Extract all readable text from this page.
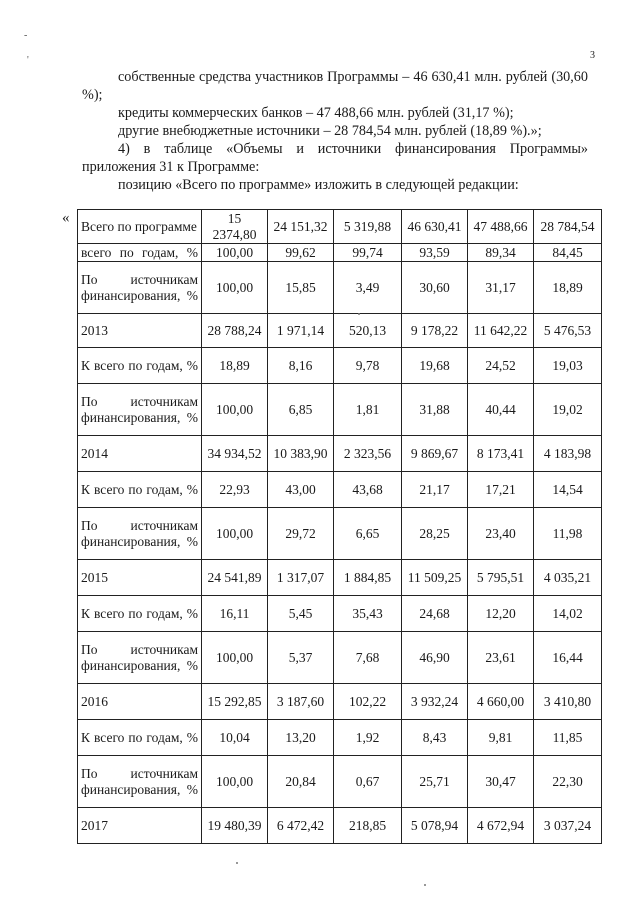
-
'	3

собственные средства участников Программы – 46 630,41 млн. рублей (30,60 %);

кредиты коммерческих банков – 47 488,66 млн. рублей (31,17 %);

другие внебюджетные источники – 28 784,54 млн. рублей (18,89 %).»;

4) в таблице «Объемы и источники финансирования Программы» приложения 31 к Программе:

позицию «Всего по программе» изложить в следующей редакции:

«
Всего по программе	15 2374,80	24 151,32	5 319,88	46 630,41	47 488,66	28 784,54
всего по годам, %	100,00	99,62	99,74	93,59	89,34	84,45
По источникам финансирования, %	100,00	15,85	3,49	30,60	31,17	18,89
2013	28 788,24	1 971,14	520,13	9 178,22	11 642,22	5 476,53
К всего по годам, %	18,89	8,16	9,78	19,68	24,52	19,03
По источникам финансирования, %	100,00	6,85	1,81	31,88	40,44	19,02
2014	34 934,52	10 383,90	2 323,56	9 869,67	8 173,41	4 183,98
К всего по годам, %	22,93	43,00	43,68	21,17	17,21	14,54
По источникам финансирования, %	100,00	29,72	6,65	28,25	23,40	11,98
2015	24 541,89	1 317,07	1 884,85	11 509,25	5 795,51	4 035,21
К всего по годам, %	16,11	5,45	35,43	24,68	12,20	14,02
По источникам финансирования, %	100,00	5,37	7,68	46,90	23,61	16,44
2016	15 292,85	3 187,60	102,22	3 932,24	4 660,00	3 410,80
К всего по годам, %	10,04	13,20	1,92	8,43	9,81	11,85
По источникам финансирования, %	100,00	20,84	0,67	25,71	30,47	22,30
2017	19 480,39	6 472,42	218,85	5 078,94	4 672,94	3 037,24
